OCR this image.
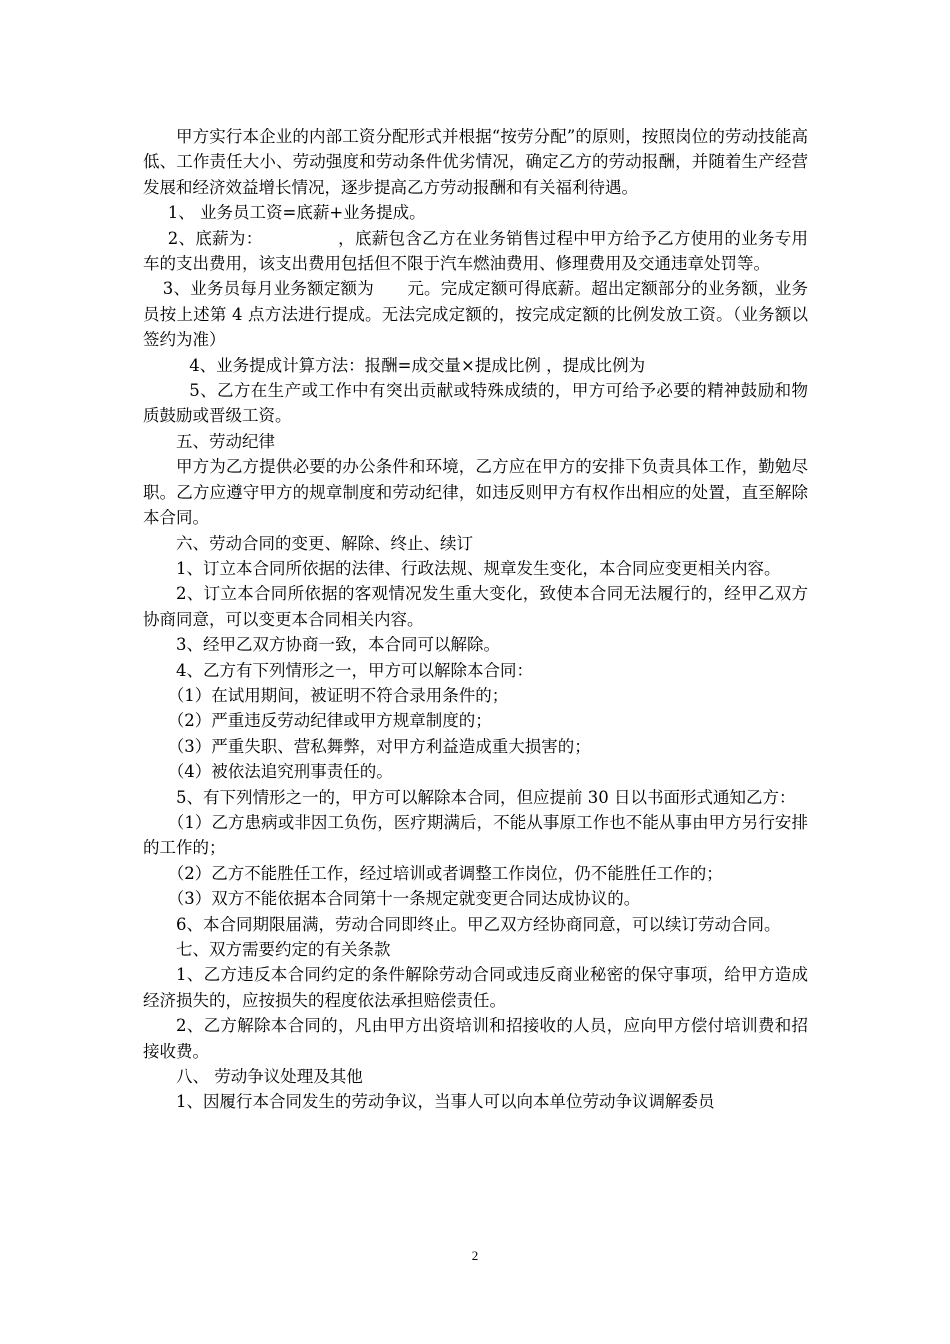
甲方实行本企业的内部工资分配形式并根据“按劳分配”的原则，按照岗位的劳动技能高低、工作责任大小、劳动强度和劳动条件优劣情况，确定乙方的劳动报酬，并随着生产经营发展和经济效益增长情况，逐步提高乙方劳动报酬和有关福利待遇。

1、 业务员工资=底薪+业务提成。

2、底薪为：　　　　　，底薪包含乙方在业务销售过程中甲方给予乙方使用的业务专用车的支出费用，该支出费用包括但不限于汽车燃油费用、修理费用及交通违章处罚等。

3、业务员每月业务额定额为　　元。完成定额可得底薪。超出定额部分的业务额，业务员按上述第 4 点方法进行提成。无法完成定额的，按完成定额的比例发放工资。（业务额以签约为准）

4、业务提成计算方法：报酬=成交量×提成比例 ，提成比例为

5、乙方在生产或工作中有突出贡献或特殊成绩的，甲方可给予必要的精神鼓励和物质鼓励或晋级工资。

五、劳动纪律

甲方为乙方提供必要的办公条件和环境，乙方应在甲方的安排下负责具体工作，勤勉尽职。乙方应遵守甲方的规章制度和劳动纪律，如违反则甲方有权作出相应的处置，直至解除本合同。

六、劳动合同的变更、解除、终止、续订

1、订立本合同所依据的法律、行政法规、规章发生变化，本合同应变更相关内容。

2、订立本合同所依据的客观情况发生重大变化，致使本合同无法履行的，经甲乙双方协商同意，可以变更本合同相关内容。

3、经甲乙双方协商一致，本合同可以解除。

4、乙方有下列情形之一，甲方可以解除本合同：

（1）在试用期间，被证明不符合录用条件的；

（2）严重违反劳动纪律或甲方规章制度的；

（3）严重失职、营私舞弊，对甲方利益造成重大损害的；

（4）被依法追究刑事责任的。

5、有下列情形之一的，甲方可以解除本合同，但应提前 30 日以书面形式通知乙方：

（1）乙方患病或非因工负伤，医疗期满后，不能从事原工作也不能从事由甲方另行安排的工作的；

（2）乙方不能胜任工作，经过培训或者调整工作岗位，仍不能胜任工作的；

（3）双方不能依据本合同第十一条规定就变更合同达成协议的。

6、本合同期限届满，劳动合同即终止。甲乙双方经协商同意，可以续订劳动合同。

七、双方需要约定的有关条款

1、乙方违反本合同约定的条件解除劳动合同或违反商业秘密的保守事项，给甲方造成经济损失的，应按损失的程度依法承担赔偿责任。

2、乙方解除本合同的，凡由甲方出资培训和招接收的人员，应向甲方偿付培训费和招接收费。

八、 劳动争议处理及其他

1、因履行本合同发生的劳动争议，当事人可以向本单位劳动争议调解委员

2
